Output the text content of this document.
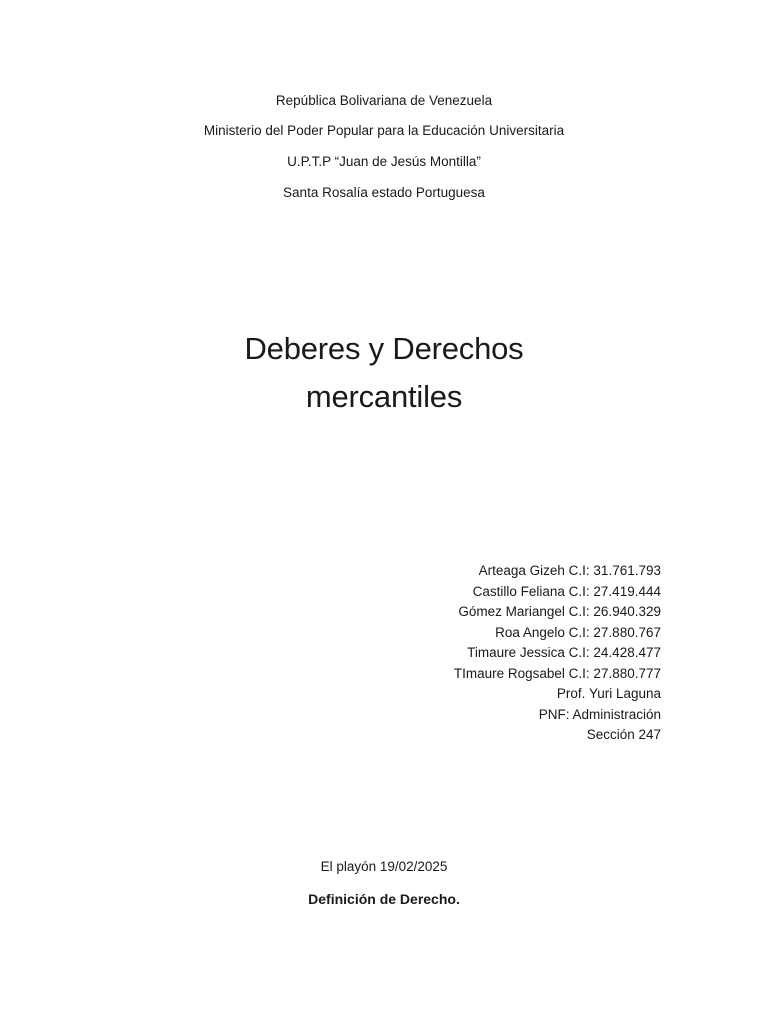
República Bolivariana de Venezuela
Ministerio del Poder Popular para la Educación Universitaria
U.P.T.P “Juan de Jesús Montilla”
Santa Rosalía estado Portuguesa
Deberes y Derechos
mercantiles
Arteaga Gizeh C.I: 31.761.793
Castillo Feliana C.I: 27.419.444
Gómez Mariangel C.I: 26.940.329
Roa Angelo C.I: 27.880.767
Timaure Jessica C.I: 24.428.477
TImaure Rogsabel C.I: 27.880.777
Prof. Yuri Laguna
PNF: Administración
Sección 247
El playón 19/02/2025
Definición de Derecho.
